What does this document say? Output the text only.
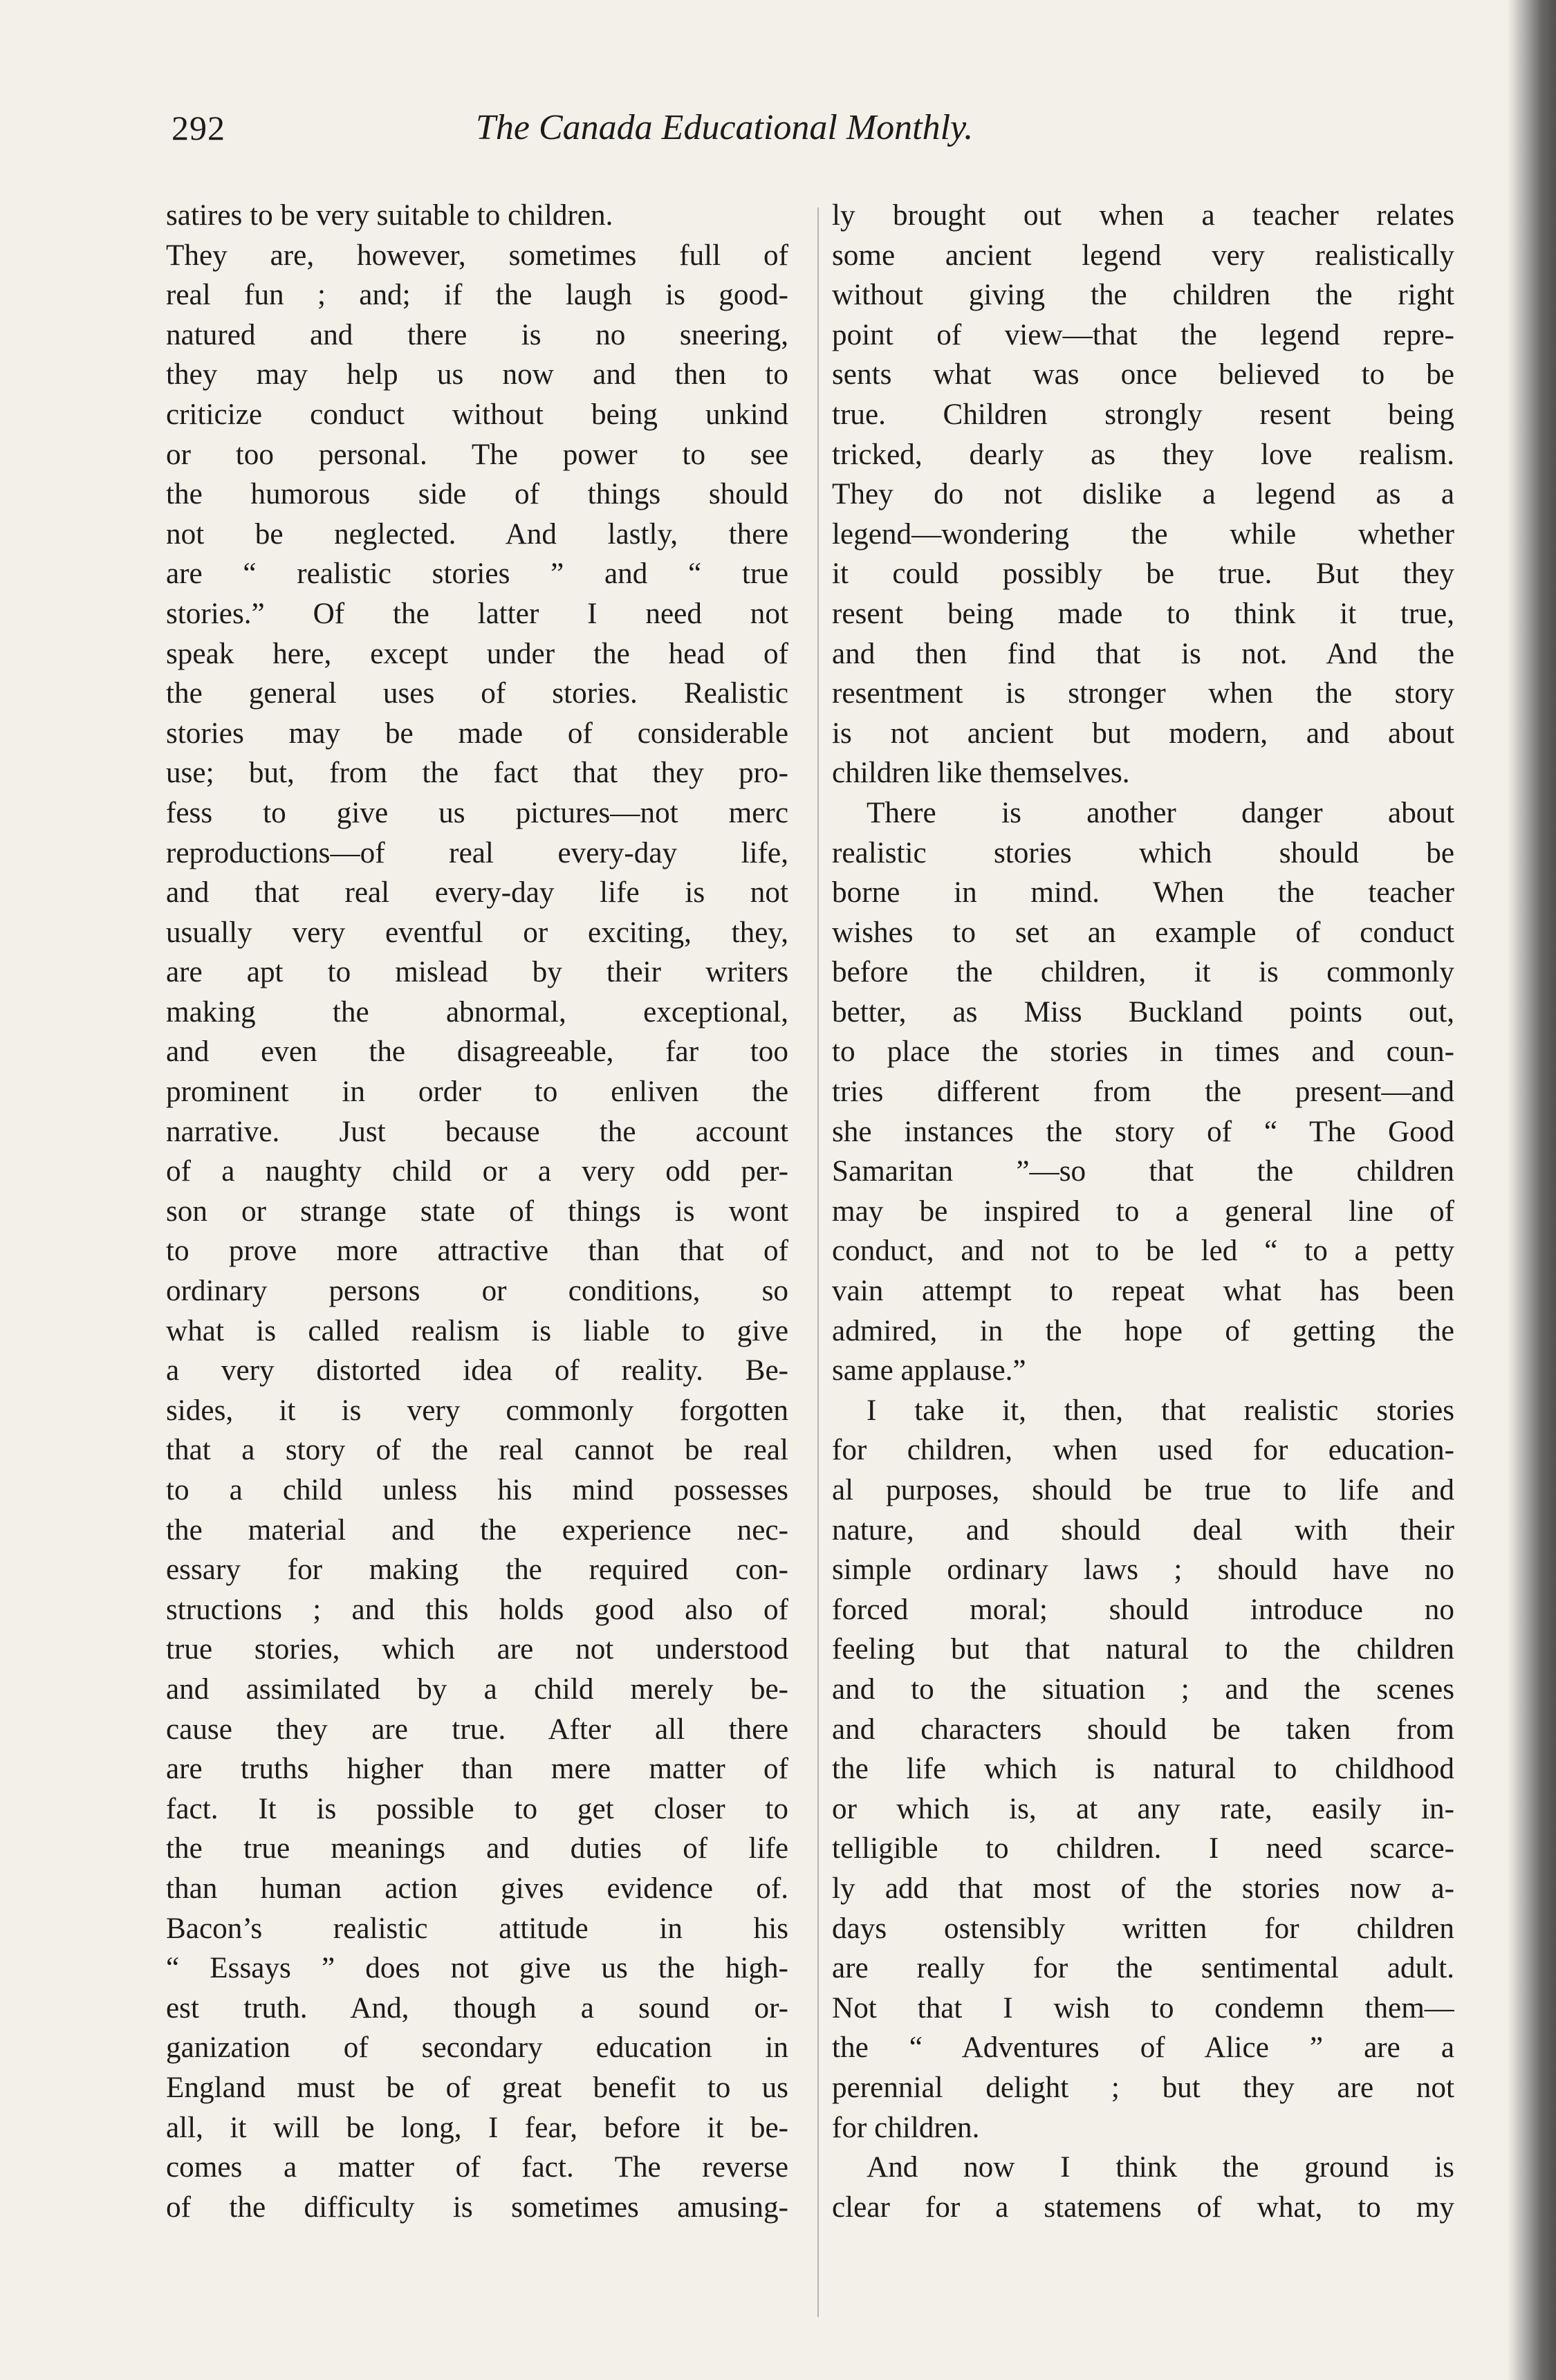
292	The Canada Educational Monthly.
satires to be very suitable to children.
They are, however, sometimes full of
real fun ; and; if the laugh is good-
natured and there is no sneering,
they may help us now and then to
criticize conduct without being unkind
or too personal. The power to see
the humorous side of things should
not be neglected. And lastly, there
are “ realistic stories ” and “ true
stories.” Of the latter I need not
speak here, except under the head of
the general uses of stories. Realistic
stories may be made of considerable
use; but, from the fact that they pro-
fess to give us pictures—not merc
reproductions—of real every-day life,
and that real every-day life is not
usually very eventful or exciting, they,
are apt to mislead by their writers
making the abnormal, exceptional,
and even the disagreeable, far too
prominent in order to enliven the
narrative. Just because the account
of a naughty child or a very odd per-
son or strange state of things is wont
to prove more attractive than that of
ordinary persons or conditions, so
what is called realism is liable to give
a very distorted idea of reality. Be-
sides, it is very commonly forgotten
that a story of the real cannot be real
to a child unless his mind possesses
the material and the experience nec-
essary for making the required con-
structions ; and this holds good also of
true stories, which are not understood
and assimilated by a child merely be-
cause they are true. After all there
are truths higher than mere matter of
fact. It is possible to get closer to
the true meanings and duties of life
than human action gives evidence of.
Bacon’s realistic attitude in his
“ Essays ” does not give us the high-
est truth. And, though a sound or-
ganization of secondary education in
England must be of great benefit to us
all, it will be long, I fear, before it be-
comes a matter of fact. The reverse
of the difficulty is sometimes amusing-
ly brought out when a teacher relates
some ancient legend very realistically
without giving the children the right
point of view—that the legend repre-
sents what was once believed to be
true. Children strongly resent being
tricked, dearly as they love realism.
They do not dislike a legend as a
legend—wondering the while whether
it could possibly be true. But they
resent being made to think it true,
and then find that is not. And the
resentment is stronger when the story
is not ancient but modern, and about
children like themselves.
There is another danger about
realistic stories which should be
borne in mind. When the teacher
wishes to set an example of conduct
before the children, it is commonly
better, as Miss Buckland points out,
to place the stories in times and coun-
tries different from the present—and
she instances the story of “ The Good
Samaritan ”—so that the children
may be inspired to a general line of
conduct, and not to be led “ to a petty
vain attempt to repeat what has been
admired, in the hope of getting the
same applause.”
I take it, then, that realistic stories
for children, when used for education-
al purposes, should be true to life and
nature, and should deal with their
simple ordinary laws ; should have no
forced moral; should introduce no
feeling but that natural to the children
and to the situation ; and the scenes
and characters should be taken from
the life which is natural to childhood
or which is, at any rate, easily in-
telligible to children. I need scarce-
ly add that most of the stories now a-
days ostensibly written for children
are really for the sentimental adult.
Not that I wish to condemn them—
the “ Adventures of Alice ” are a
perennial delight ; but they are not
for children.
And now I think the ground is
clear for a statemens of what, to my
